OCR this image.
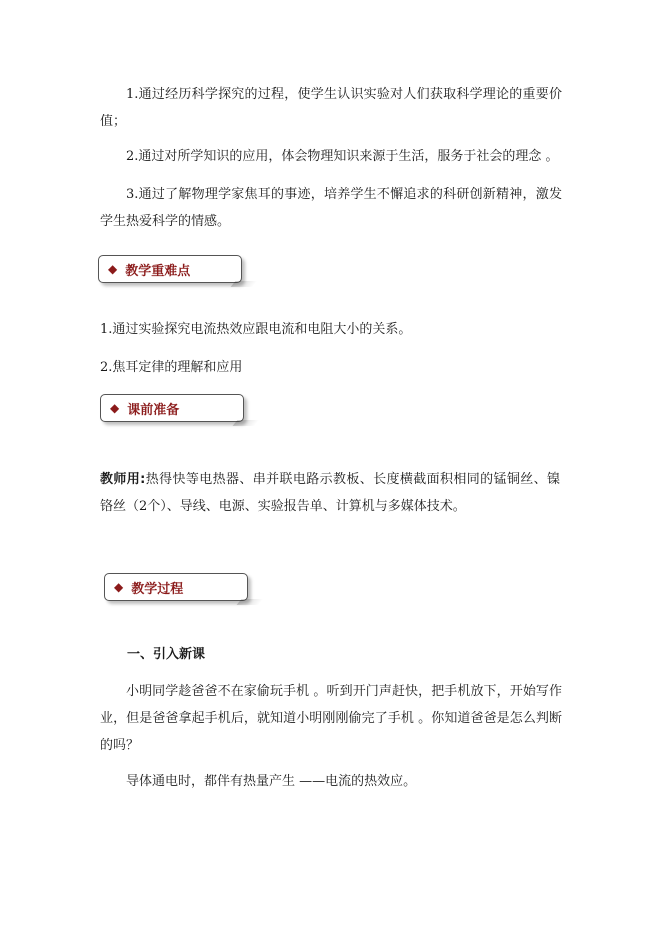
1.通过经历科学探究的过程，使学生认识实验对人们获取科学理论的重要价值；

2.通过对所学知识的应用，体会物理知识来源于生活，服务于社会的理念 。

3.通过了解物理学家焦耳的事迹，培养学生不懈追求的科研创新精神，激发学生热爱科学的情感。

◆ 教学重难点

1.通过实验探究电流热效应跟电流和电阻大小的关系。

2.焦耳定律的理解和应用

◆ 课前准备

教师用:热得快等电热器、串并联电路示教板、长度横截面积相同的锰铜丝、镍铬丝（2个）、导线、电源、实验报告单、计算机与多媒体技术。

◆ 教学过程

一、引入新课

小明同学趁爸爸不在家偷玩手机 。听到开门声赶快，把手机放下，开始写作业，但是爸爸拿起手机后，就知道小明刚刚偷完了手机 。你知道爸爸是怎么判断的吗？

导体通电时，都伴有热量产生 ——电流的热效应。
